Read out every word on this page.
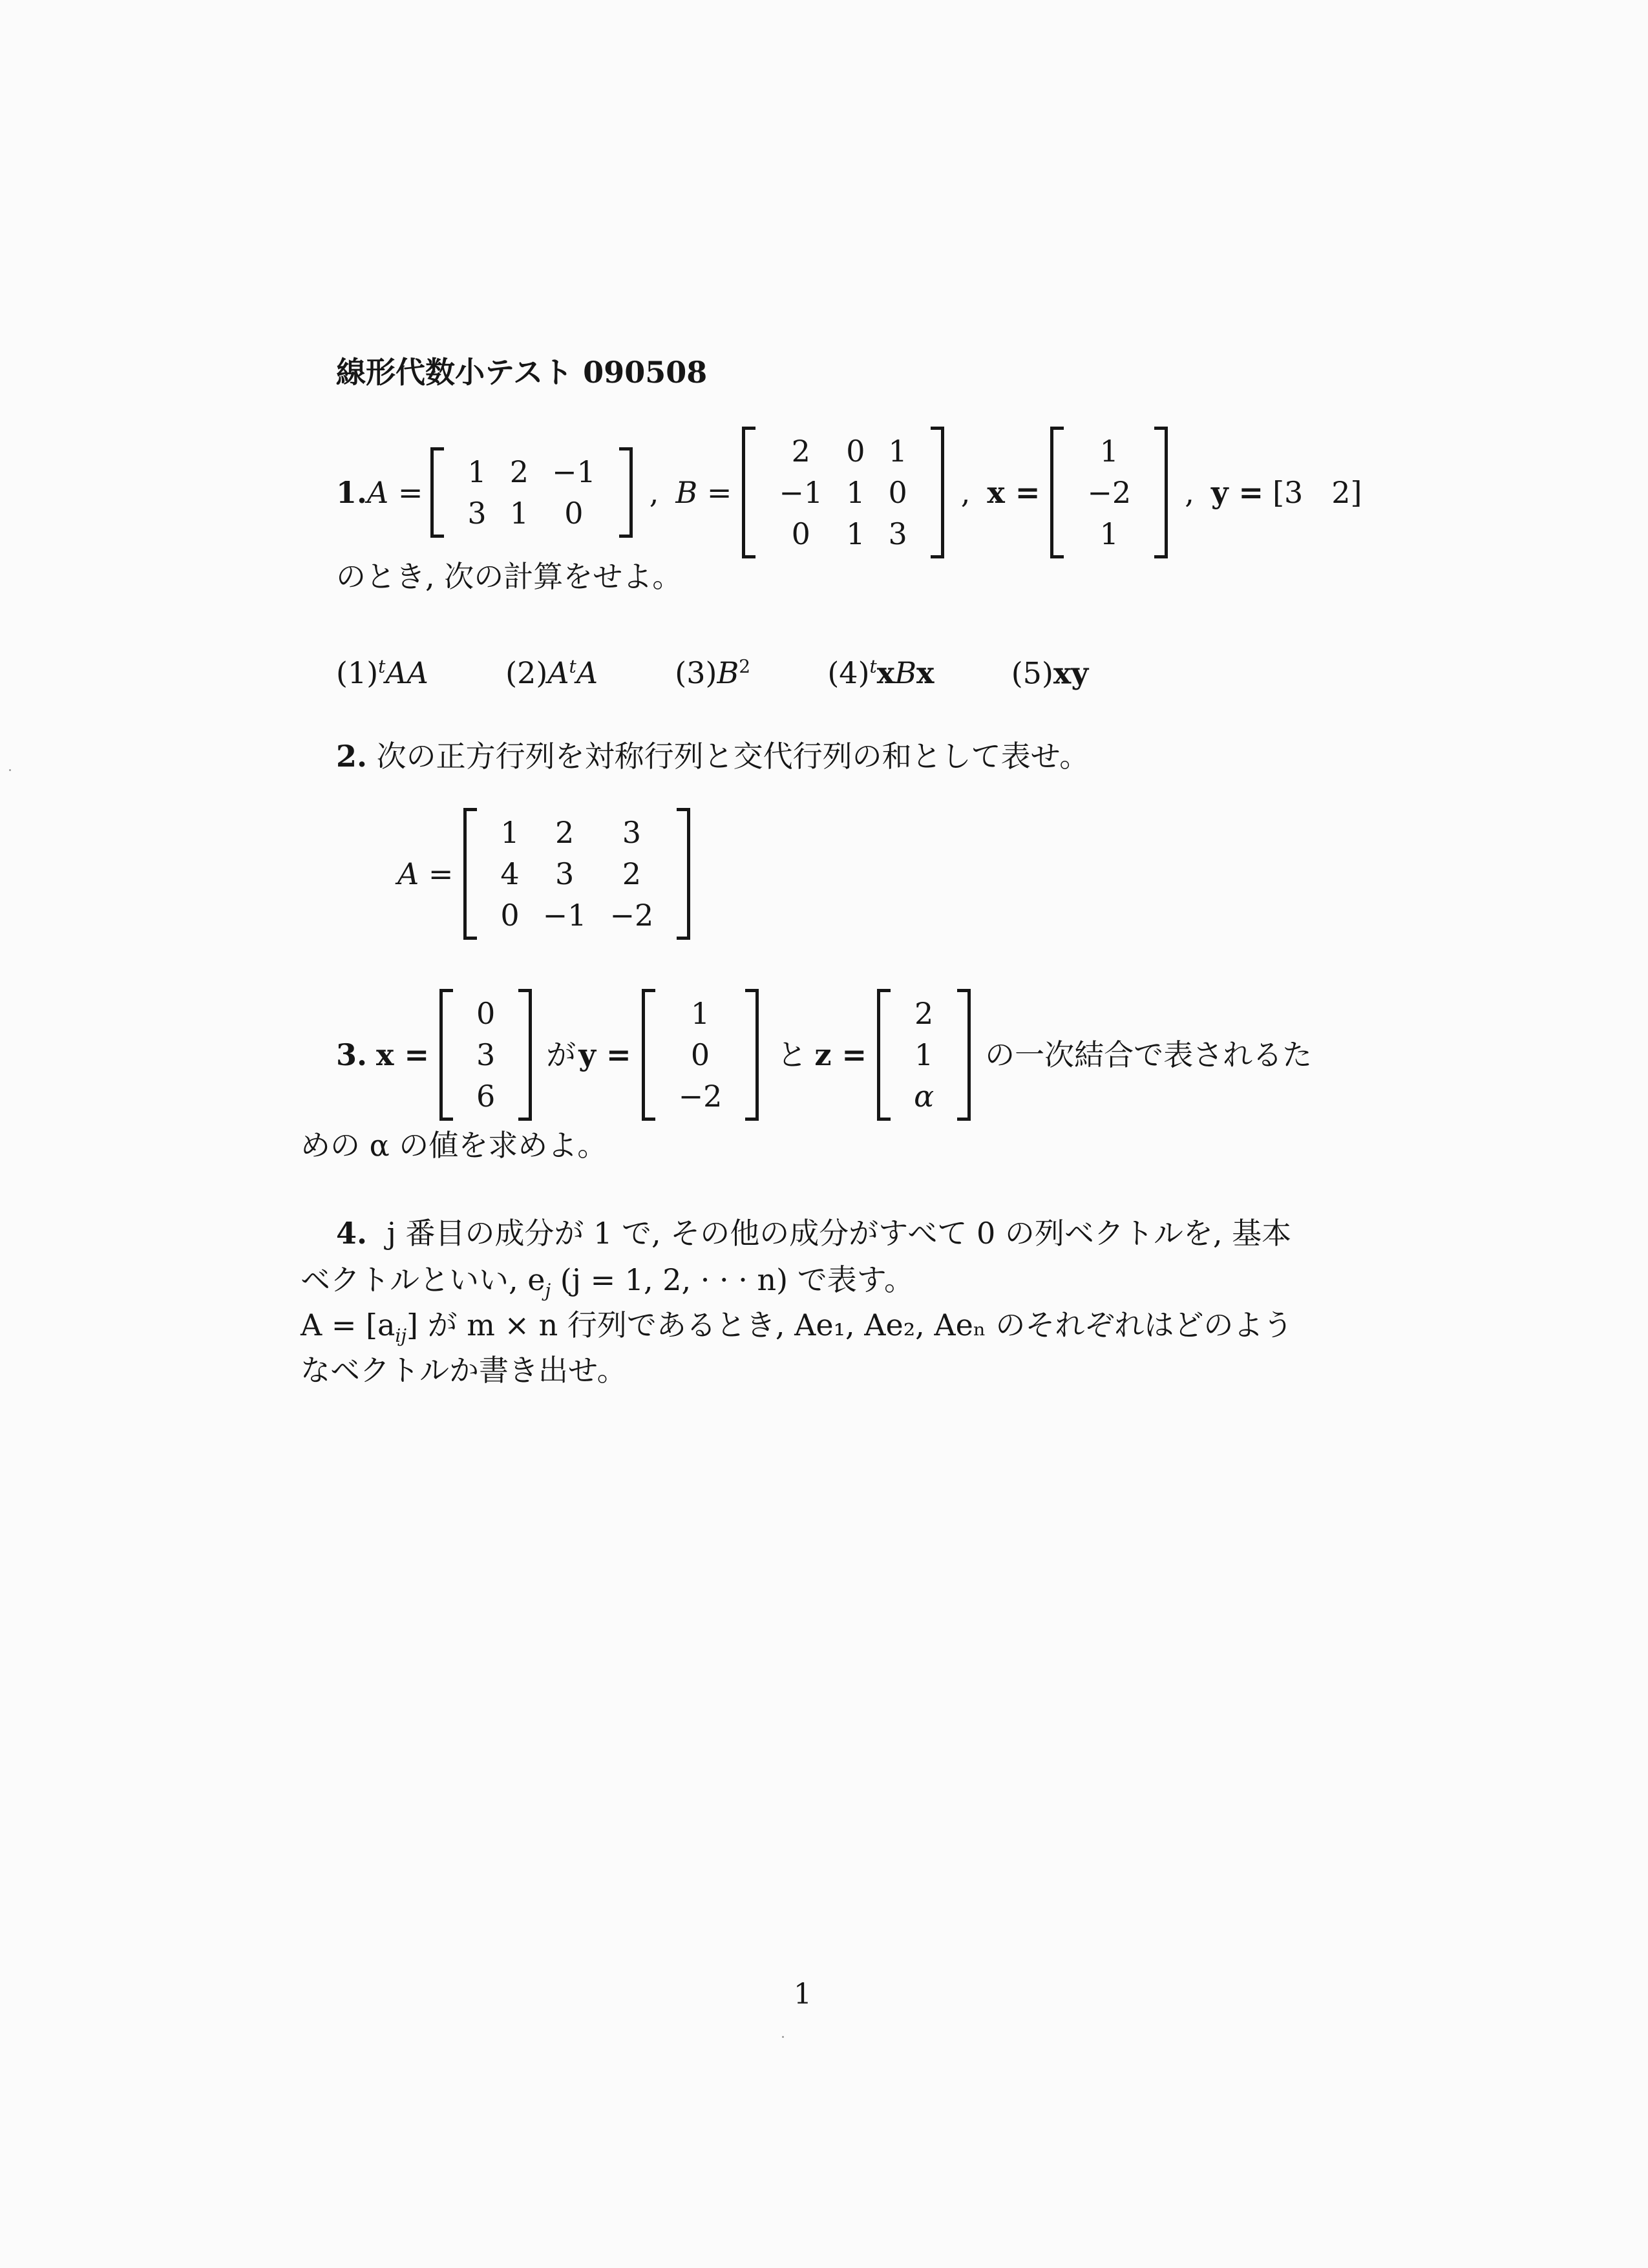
線形代数小テスト 090508
1. A =
1	2	−1
3	1	0
, B =
2	0	1
−1	1	0
0	1	3
, x =
1
−2
1
, y = [3   2]
のとき, 次の計算をせよ。
$(1)^tAA$	$(2)A^tA$	$(3)B^2$	$(4)^txBx$	(5)xy
2. 次の正方行列を対称行列と交代行列の和として表せ。
A =
1	2	3
4	3	2
0	−1	−2
3. x =
0
3
6
が y =
1
0
−2
と z =
2
1
α
の一次結合で表されるた
めの α の値を求めよ。
4. j 番目の成分が 1 で, その他の成分がすべて 0 の列ベクトルを, 基本
ベクトルといい, $e_j$ (j = 1, 2, · · · n) で表す。
$A = [a_{ij}]$ が m × n 行列であるとき, Ae₁, Ae₂, Aeₙ のそれぞれはどのよう
なベクトルか書き出せ。
1
